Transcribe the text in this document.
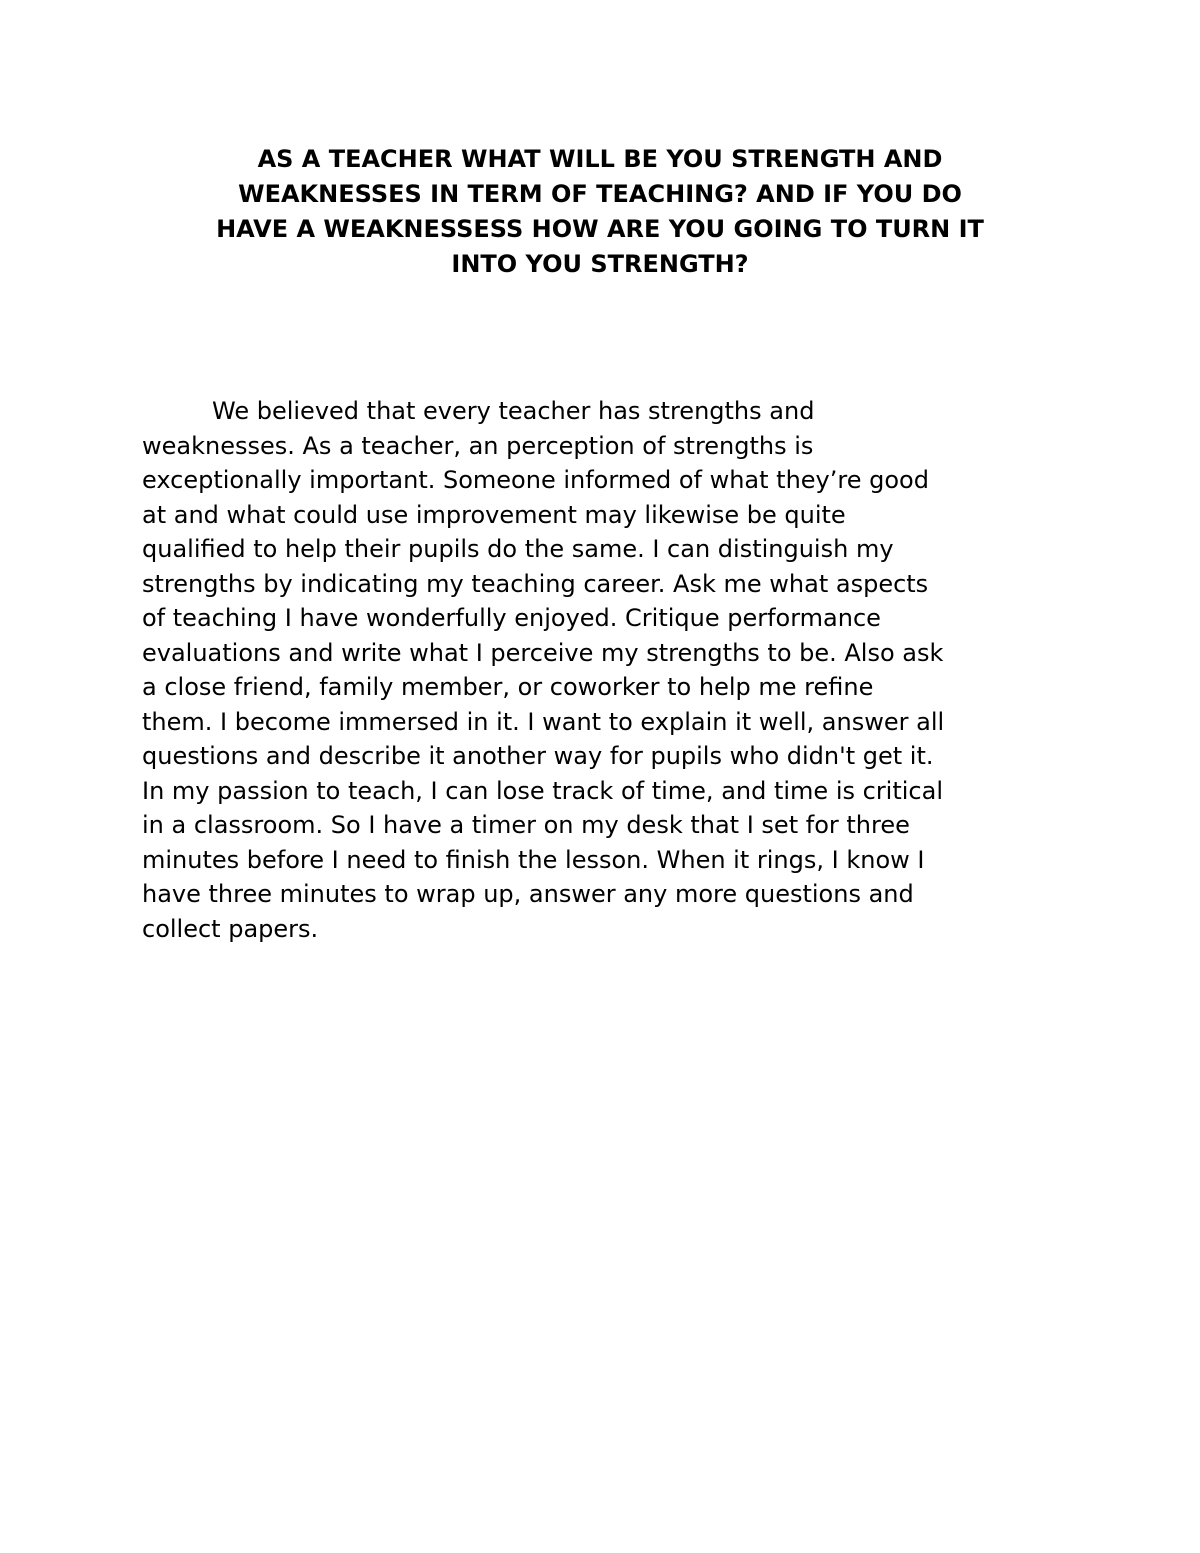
AS A TEACHER WHAT WILL BE YOU STRENGTH AND
WEAKNESSES IN TERM OF TEACHING? AND IF YOU DO
HAVE A WEAKNESSESS HOW ARE YOU GOING TO TURN IT
INTO YOU STRENGTH?

We believed that every teacher has strengths and
weaknesses. As a teacher, an perception of strengths is
exceptionally important. Someone informed of what they’re good
at and what could use improvement may likewise be quite
qualified to help their pupils do the same. I can distinguish my
strengths by indicating my teaching career. Ask me what aspects
of teaching I have wonderfully enjoyed. Critique performance
evaluations and write what I perceive my strengths to be. Also ask
a close friend, family member, or coworker to help me refine
them. I become immersed in it. I want to explain it well, answer all
questions and describe it another way for pupils who didn't get it.
In my passion to teach, I can lose track of time, and time is critical
in a classroom. So I have a timer on my desk that I set for three
minutes before I need to finish the lesson. When it rings, I know I
have three minutes to wrap up, answer any more questions and
collect papers.
